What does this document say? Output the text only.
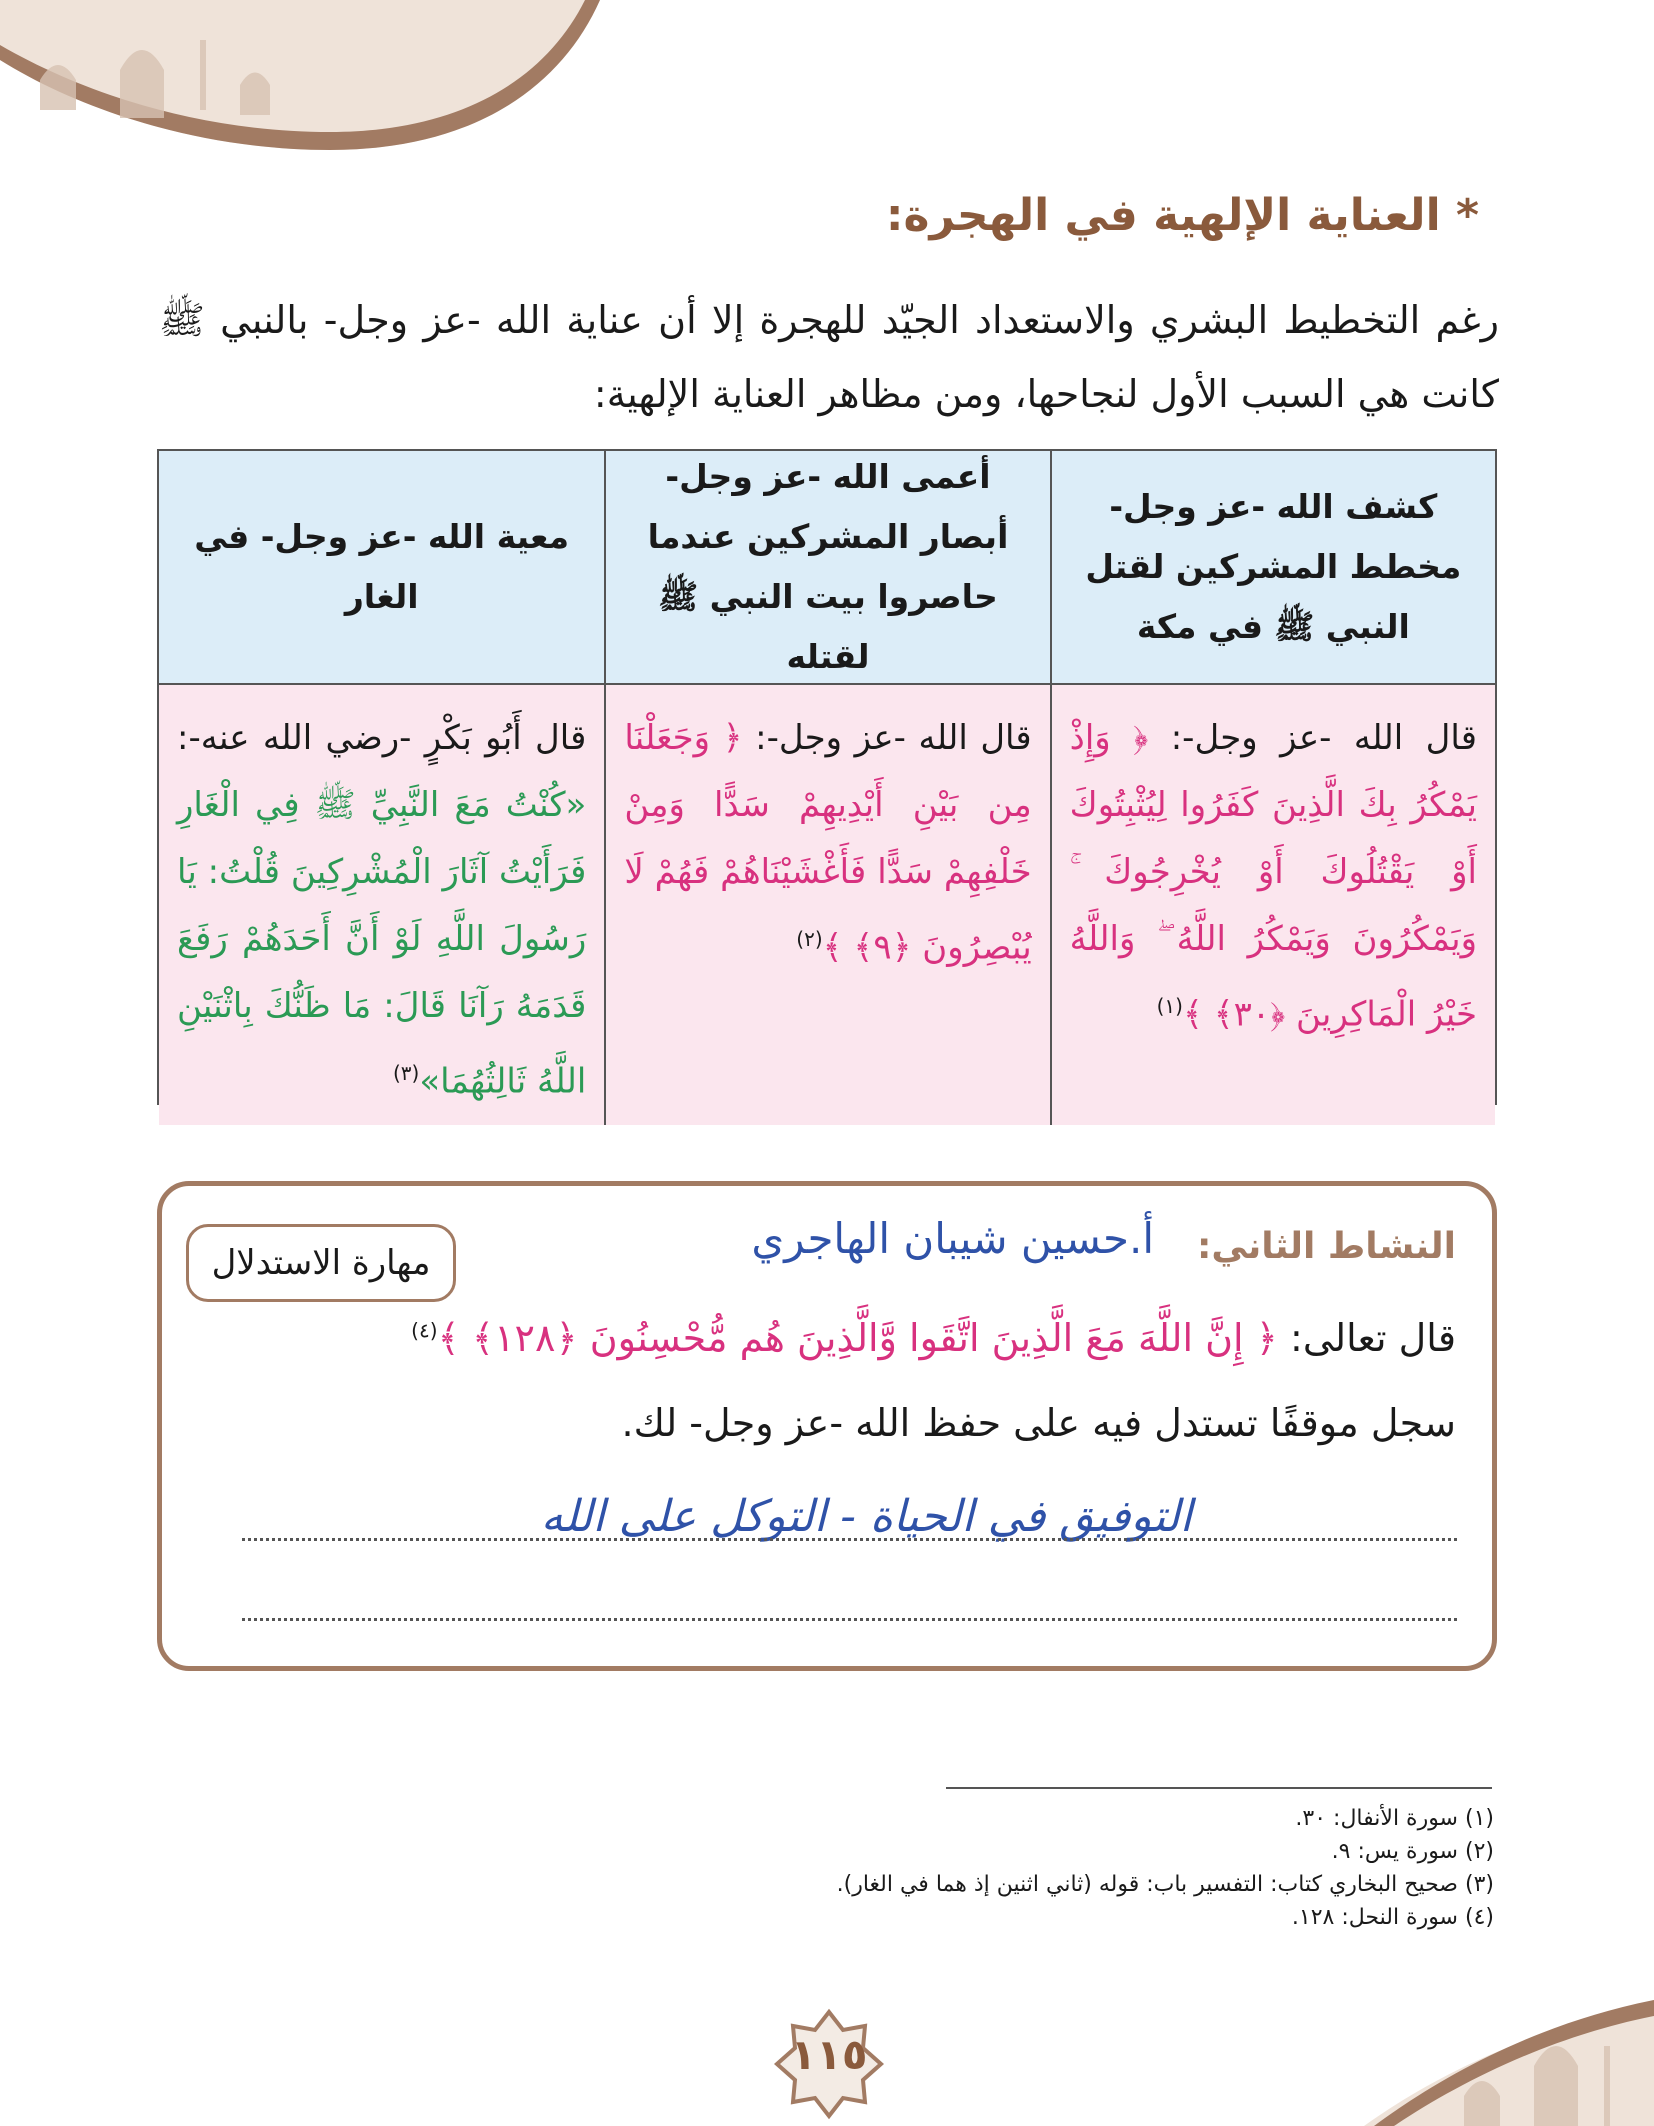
* العناية الإلهية في الهجرة:
رغم التخطيط البشري والاستعداد الجيّد للهجرة إلا أن عناية الله -عز وجل- بالنبي ﷺ كانت هي السبب الأول لنجاحها، ومن مظاهر العناية الإلهية:
كشف الله -عز وجل- مخطط المشركين لقتل النبي ﷺ في مكة
أعمى الله -عز وجل- أبصار المشركين عندما حاصروا بيت النبي ﷺ لقتله
معية الله -عز وجل- في الغار
قال الله -عز وجل-: ﴿ وَإِذْ يَمْكُرُ بِكَ الَّذِينَ كَفَرُوا لِيُثْبِتُوكَ أَوْ يَقْتُلُوكَ أَوْ يُخْرِجُوكَ ۚ وَيَمْكُرُونَ وَيَمْكُرُ اللَّهُ ۖ وَاللَّهُ خَيْرُ الْمَاكِرِينَ ﴿٣٠﴾ ﴾$^{(١)}$
قال الله -عز وجل-: ﴿ وَجَعَلْنَا مِن بَيْنِ أَيْدِيهِمْ سَدًّا وَمِنْ خَلْفِهِمْ سَدًّا فَأَغْشَيْنَاهُمْ فَهُمْ لَا يُبْصِرُونَ ﴿٩﴾ ﴾$^{(٢)}$
قال أَبُو بَكْرٍ -رضي الله عنه-: «كُنْتُ مَعَ النَّبِيِّ ﷺ فِي الْغَارِ فَرَأَيْتُ آثَارَ الْمُشْرِكِينَ قُلْتُ: يَا رَسُولَ اللَّهِ لَوْ أَنَّ أَحَدَهُمْ رَفَعَ قَدَمَهُ رَآنَا قَالَ: مَا ظَنُّكَ بِاثْنَيْنِ اللَّهُ ثَالِثُهُمَا»$^{(٣)}$
النشاط الثاني:
أ.حسين شيبان الهاجري
مهارة الاستدلال
قال تعالى: ﴿ إِنَّ اللَّهَ مَعَ الَّذِينَ اتَّقَوا وَّالَّذِينَ هُم مُّحْسِنُونَ ﴿١٢٨﴾ ﴾$^{(٤)}$
سجل موقفًا تستدل فيه على حفظ الله -عز وجل- لك.
التوفيق في الحياة - التوكل على الله
(١) سورة الأنفال: ٣٠.
(٢) سورة يس: ٩.
(٣) صحيح البخاري كتاب: التفسير باب: قوله (ثاني اثنين إذ هما في الغار).
(٤) سورة النحل: ١٢٨.
١١٥
